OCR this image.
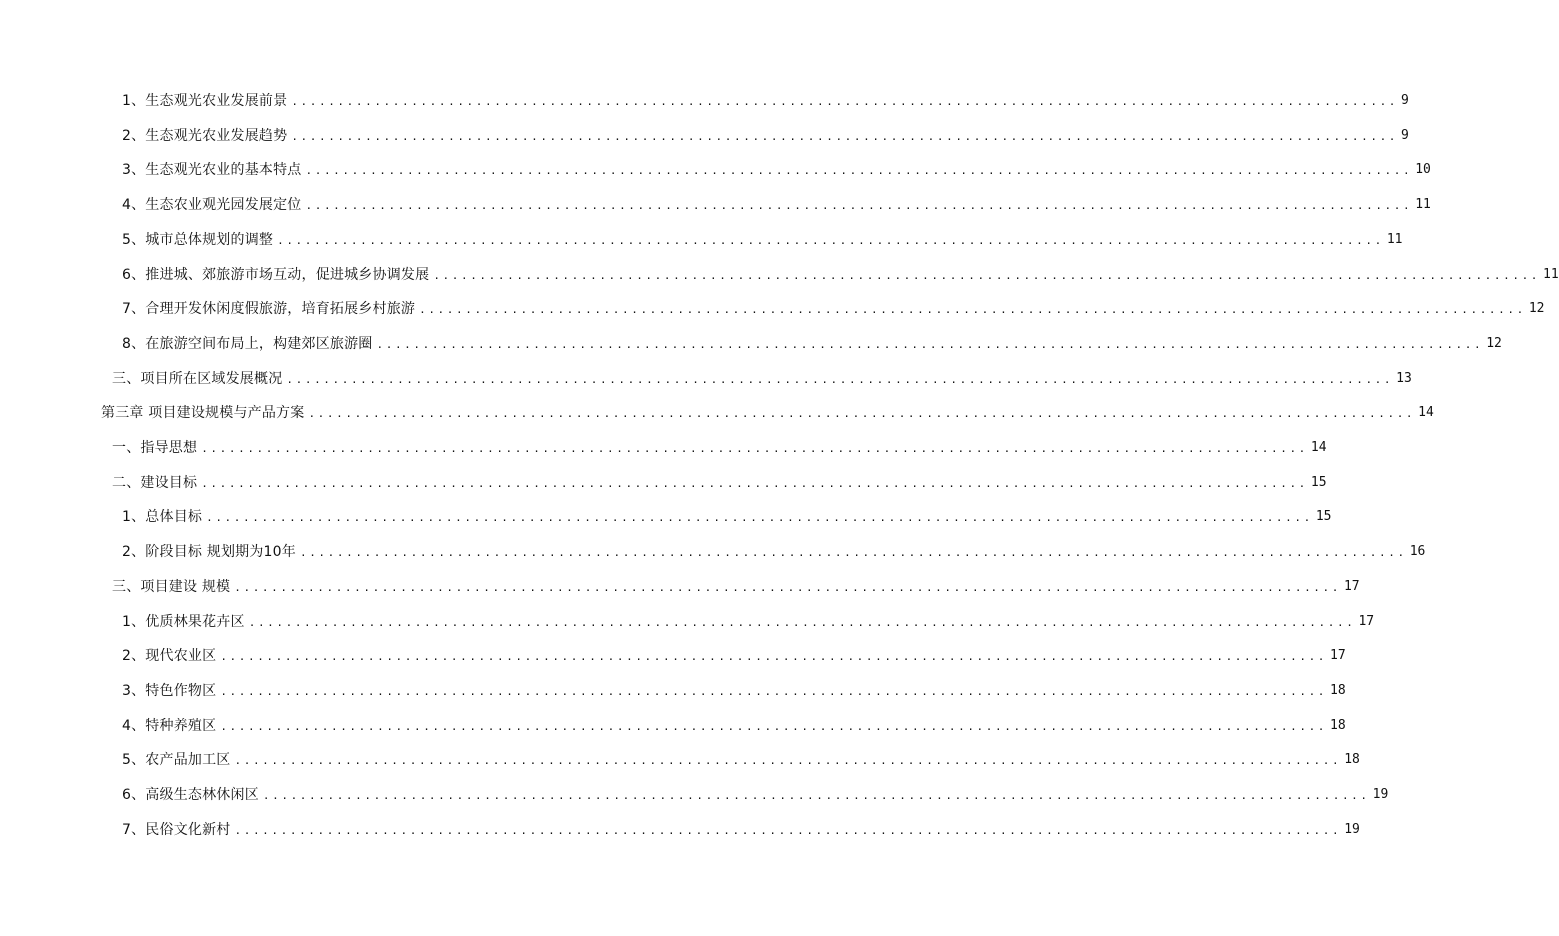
1、生态观光农业发展前景 ........................................................................................................................ 9
2、生态观光农业发展趋势 ........................................................................................................................ 9
3、生态观光农业的基本特点 ........................................................................................................................ 10
4、生态农业观光园发展定位 ........................................................................................................................ 11
5、城市总体规划的调整 ........................................................................................................................ 11
6、推进城、郊旅游市场互动，促进城乡协调发展 ........................................................................................................................ 11
7、合理开发休闲度假旅游，培育拓展乡村旅游 ........................................................................................................................ 12
8、在旅游空间布局上，构建郊区旅游圈 ........................................................................................................................ 12
三、项目所在区域发展概况 ........................................................................................................................ 13
第三章 项目建设规模与产品方案 ........................................................................................................................ 14
一、指导思想 ........................................................................................................................ 14
二、建设目标 ........................................................................................................................ 15
1、总体目标 ........................................................................................................................ 15
2、阶段目标 规划期为10年 ........................................................................................................................ 16
三、项目建设 规模 ........................................................................................................................ 17
1、优质林果花卉区 ........................................................................................................................ 17
2、现代农业区 ........................................................................................................................ 17
3、特色作物区 ........................................................................................................................ 18
4、特种养殖区 ........................................................................................................................ 18
5、农产品加工区 ........................................................................................................................ 18
6、高级生态林休闲区 ........................................................................................................................ 19
7、民俗文化新村 ........................................................................................................................ 19
